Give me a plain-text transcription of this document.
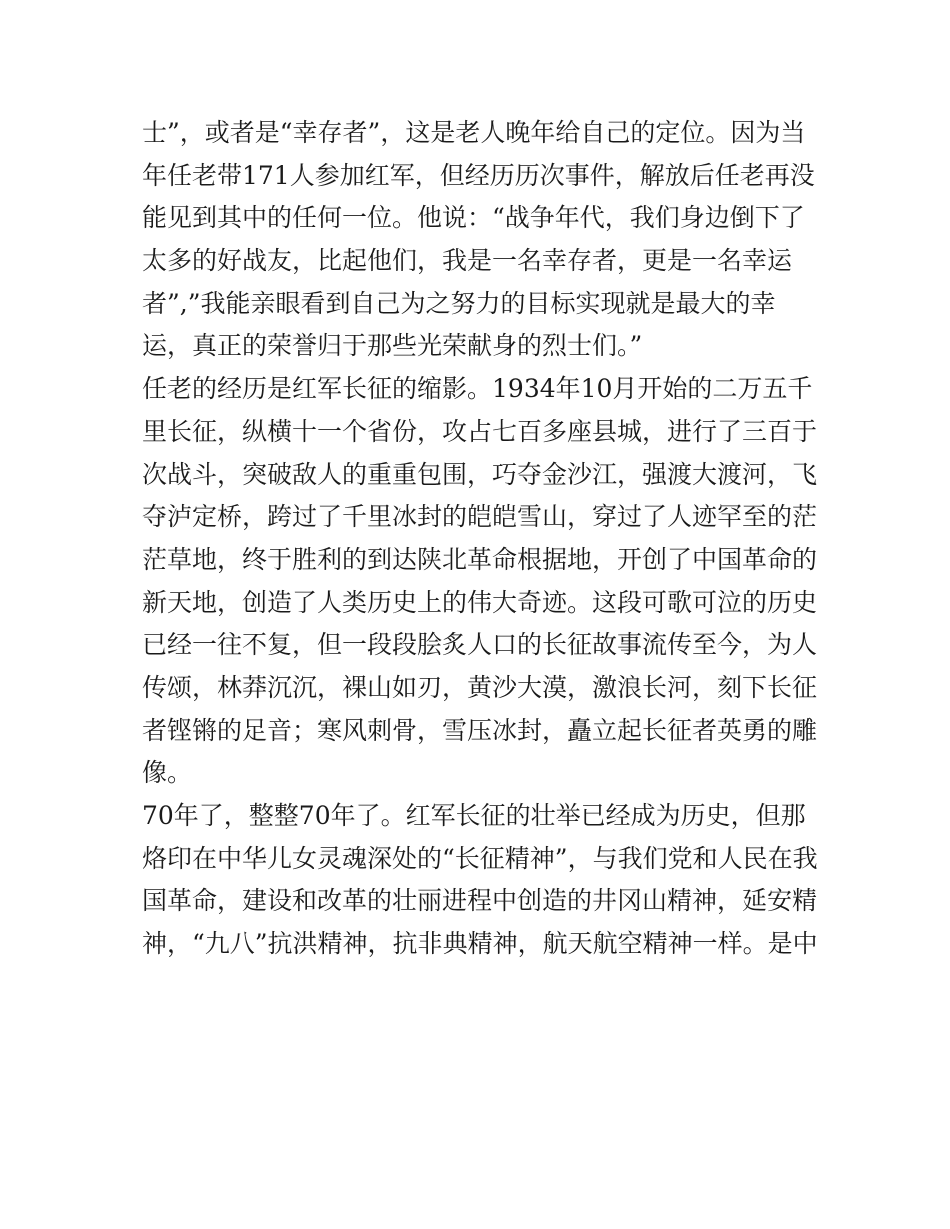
士”，或者是“幸存者”，这是老人晚年给自己的定位。因为当
年任老带171人参加红军，但经历历次事件，解放后任老再没
能见到其中的任何一位。他说：“战争年代，我们身边倒下了
太多的好战友，比起他们，我是一名幸存者，更是一名幸运
者”,”我能亲眼看到自己为之努力的目标实现就是最大的幸
运，真正的荣誉归于那些光荣献身的烈士们。”
任老的经历是红军长征的缩影。1934年10月开始的二万五千
里长征，纵横十一个省份，攻占七百多座县城，进行了三百于
次战斗，突破敌人的重重包围，巧夺金沙江，强渡大渡河，飞
夺泸定桥，跨过了千里冰封的皑皑雪山，穿过了人迹罕至的茫
茫草地，终于胜利的到达陕北革命根据地，开创了中国革命的
新天地，创造了人类历史上的伟大奇迹。这段可歌可泣的历史
已经一往不复，但一段段脍炙人口的长征故事流传至今，为人
传颂，林莽沉沉，裸山如刃，黄沙大漠，激浪长河，刻下长征
者铿锵的足音；寒风刺骨，雪压冰封，矗立起长征者英勇的雕
像。
70年了，整整70年了。红军长征的壮举已经成为历史，但那
烙印在中华儿女灵魂深处的“长征精神”，与我们党和人民在我
国革命，建设和改革的壮丽进程中创造的井冈山精神，延安精
神，“九八”抗洪精神，抗非典精神，航天航空精神一样。是中
